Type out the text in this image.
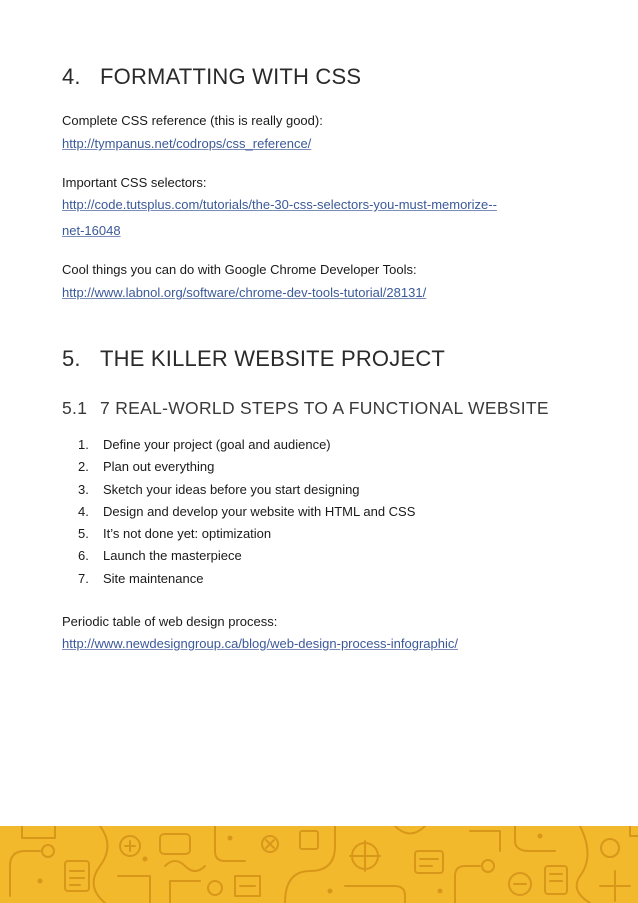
4. FORMATTING WITH CSS
Complete CSS reference (this is really good):
http://tympanus.net/codrops/css_reference/
Important CSS selectors:
http://code.tutsplus.com/tutorials/the-30-css-selectors-you-must-memorize--
net-16048
Cool things you can do with Google Chrome Developer Tools:
http://www.labnol.org/software/chrome-dev-tools-tutorial/28131/
5. THE KILLER WEBSITE PROJECT
5.1 7 REAL-WORLD STEPS TO A FUNCTIONAL WEBSITE
1. Define your project (goal and audience)
2. Plan out everything
3. Sketch your ideas before you start designing
4. Design and develop your website with HTML and CSS
5. It’s not done yet: optimization
6. Launch the masterpiece
7. Site maintenance
Periodic table of web design process:
http://www.newdesigngroup.ca/blog/web-design-process-infographic/
